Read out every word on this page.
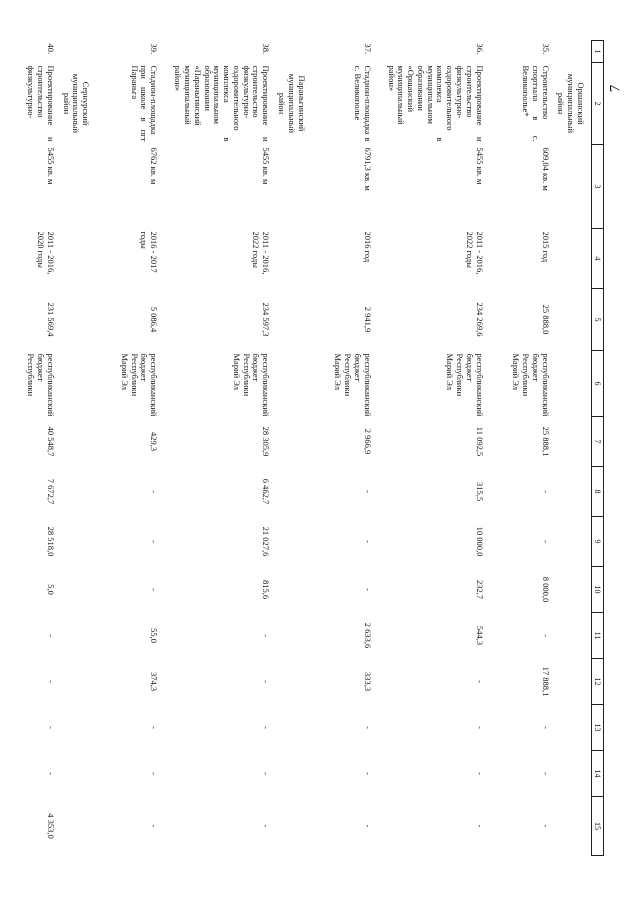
7
1	2	3	4	5	6	7	8	9	10	11	12	13	14	15
	Оршанский муниципальный район													
35.	Строительство спортзала в с. Великополье*	609,04 кв. м	2015 год	25 888,0	республиканский бюджет Республики Марий Эл	25 888,1	-	-	8 000,0	-	17 888,1	-	-	-
36.	Проектирование и строительство физкультурно-оздоровительного комплекса в муниципальном образовании «Оршанский муниципальный район»	5455 кв. м	2011 - 2016, 2022 годы	234 269,6	республиканский бюджет Республики Марий Эл	11 092,5	315,5	10 000,0	232,7	544,3	-	-	-	-
37.	Стадион-площадка в с. Великополье	6791,3 кв. м	2016 год	2 941,9	республиканский бюджет Республики Марий Эл	2 966,9	-	-	-	2 633,6	333,3	-	-	-
	Параньгинский муниципальный район													
38.	Проектирование и строительство физкультурно-оздоровительного комплекса в муниципальном образовании «Параньгинский муниципальный район»	5455 кв. м	2011 - 2016, 2022 годы	234 597,3	республиканский бюджет Республики Марий Эл	28 305,9	6 462,7	21 027,6	815,6	-	-	-	-	-
39.	Стадион-площадка при школе в пгт Параньга	6762 кв. м	2016 - 2017 годы	5 086,4	республиканский бюджет Республики Марий Эл	429,3	-	-	-	55,0	374,3	-	-	-
	Сернурский муниципальный район													
40.	Проектирование и строительство физкультурно-	5455 кв. м	2011 - 2016, 2020 годы	231 569,4	республиканский бюджет Республики	40 548,7	7 672,7	28 518,0	5,0	-	-	-	-	4 353,0
